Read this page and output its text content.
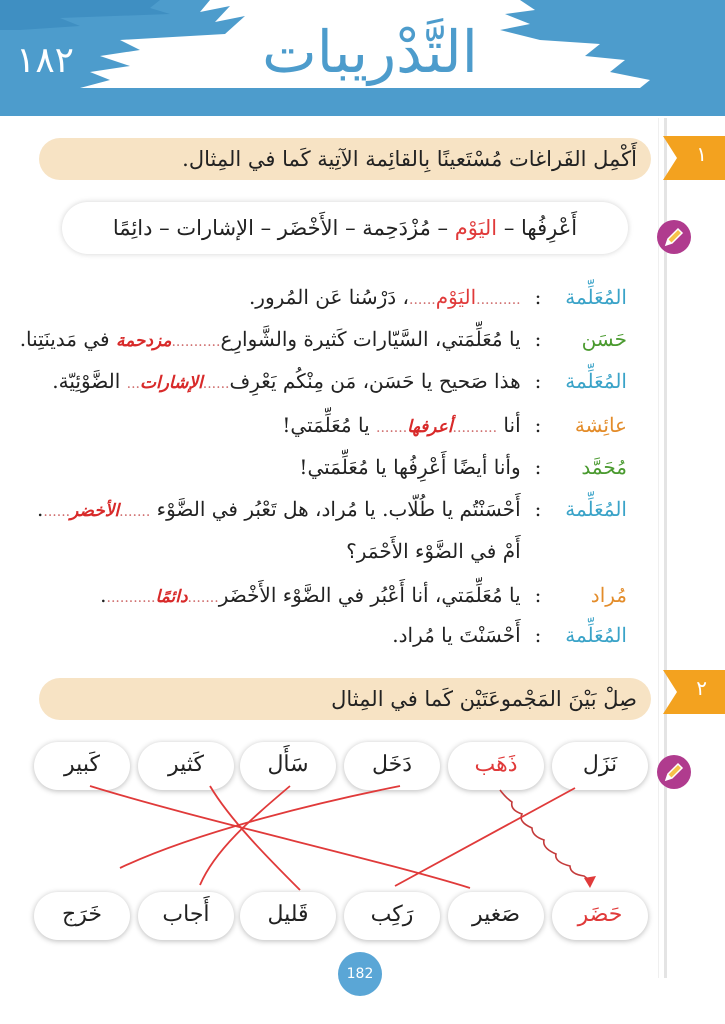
١٨٢	التَّدْريبات
١
أَكْمِل الفَراغات مُسْتَعينًا بِالقائِمة الآتِية كَما في المِثال.
أَعْرِفُها – اليَوْم – مُزْدَحِمة – الأَخْضَر – الإشارات – دائِمًا
المُعَلِّمة: ..........اليَوْم......، دَرْسُنا عَن المُرور.
حَسَن: يا مُعَلِّمَتي، السَّيّارات كَثيرة والشَّوارِع...........مزدحمة في مَدينَتِنا.
المُعَلِّمة: هذا صَحيح يا حَسَن، مَن مِنْكُم يَعْرِف......الإشارات... الضَّوْئِيّة.
عائِشة: أنا ..........أعرفها....... يا مُعَلِّمَتي!
مُحَمَّد: وأنا أيضًا أَعْرِفُها يا مُعَلِّمَتي!
المُعَلِّمة: أَحْسَنْتُم يا طُلّاب. يا مُراد، هل تَعْبُر في الضَّوْء .......الأخضر.......
أَمْ في الضَّوْء الأَحْمَر؟
مُراد: يا مُعَلِّمَتي، أنا أَعْبُر في الضَّوْء الأَخْضَر.......دائمًا............
المُعَلِّمة: أَحْسَنْتَ يا مُراد.
٢
صِلْ بَيْنَ المَجْموعَتَيْن كَما في المِثال
نَزَل
ذَهَب
دَخَل
سَأَل
كَثير
كَبير
حَضَر
صَغير
رَكِب
قَليل
أَجاب
خَرَج
182
